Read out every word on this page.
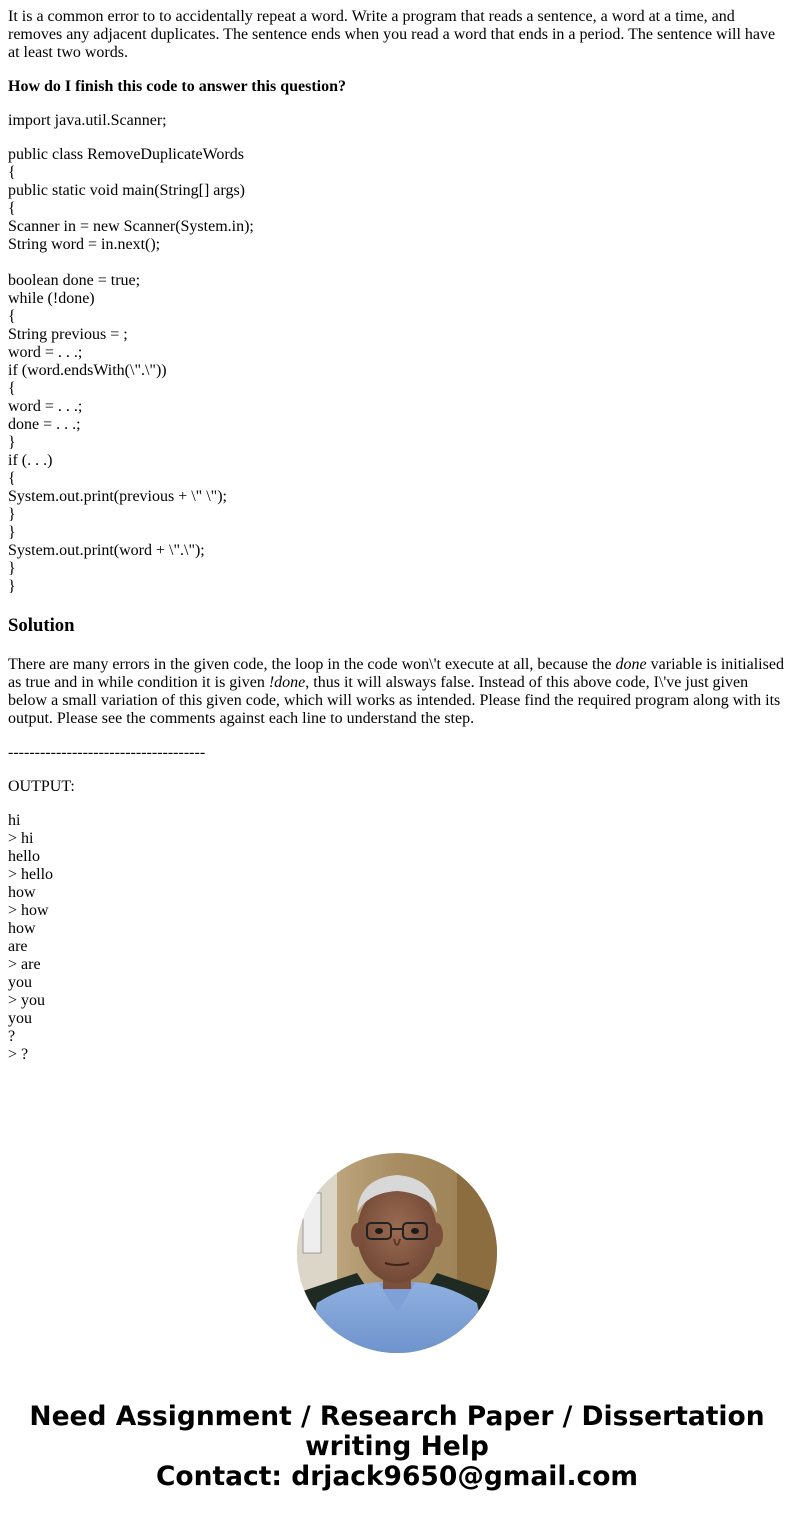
It is a common error to to accidentally repeat a word. Write a program that reads a sentence, a word at a time, and removes any adjacent duplicates. The sentence ends when you read a word that ends in a period. The sentence will have at least two words.

How do I finish this code to answer this question?

import java.util.Scanner;
public class RemoveDuplicateWords
{
public static void main(String[] args)
{
Scanner in = new Scanner(System.in);
String word = in.next();
boolean done = true;
while (!done)
{
String previous = ;
word = . . .;
if (word.endsWith(\".\"))
{
word = . . .;
done = . . .;
}
if (. . .)
{
System.out.print(previous + \" \");
}
}
System.out.print(word + \".\");
}
}
Solution

There are many errors in the given code, the loop in the code won\'t execute at all, because the done variable is initialised as true and in while condition it is given !done, thus it will alsways false. Instead of this above code, I\'ve just given below a small variation of this given code, which will works as intended. Please find the required program along with its output. Please see the comments against each line to understand the step.

-------------------------------------

OUTPUT:

hi
> hi
hello
> hello
how
> how
how
are
> are
you
> you
you
?
> ?
Need Assignment / Research Paper / Dissertation
writing Help
Contact: drjack9650@gmail.com
